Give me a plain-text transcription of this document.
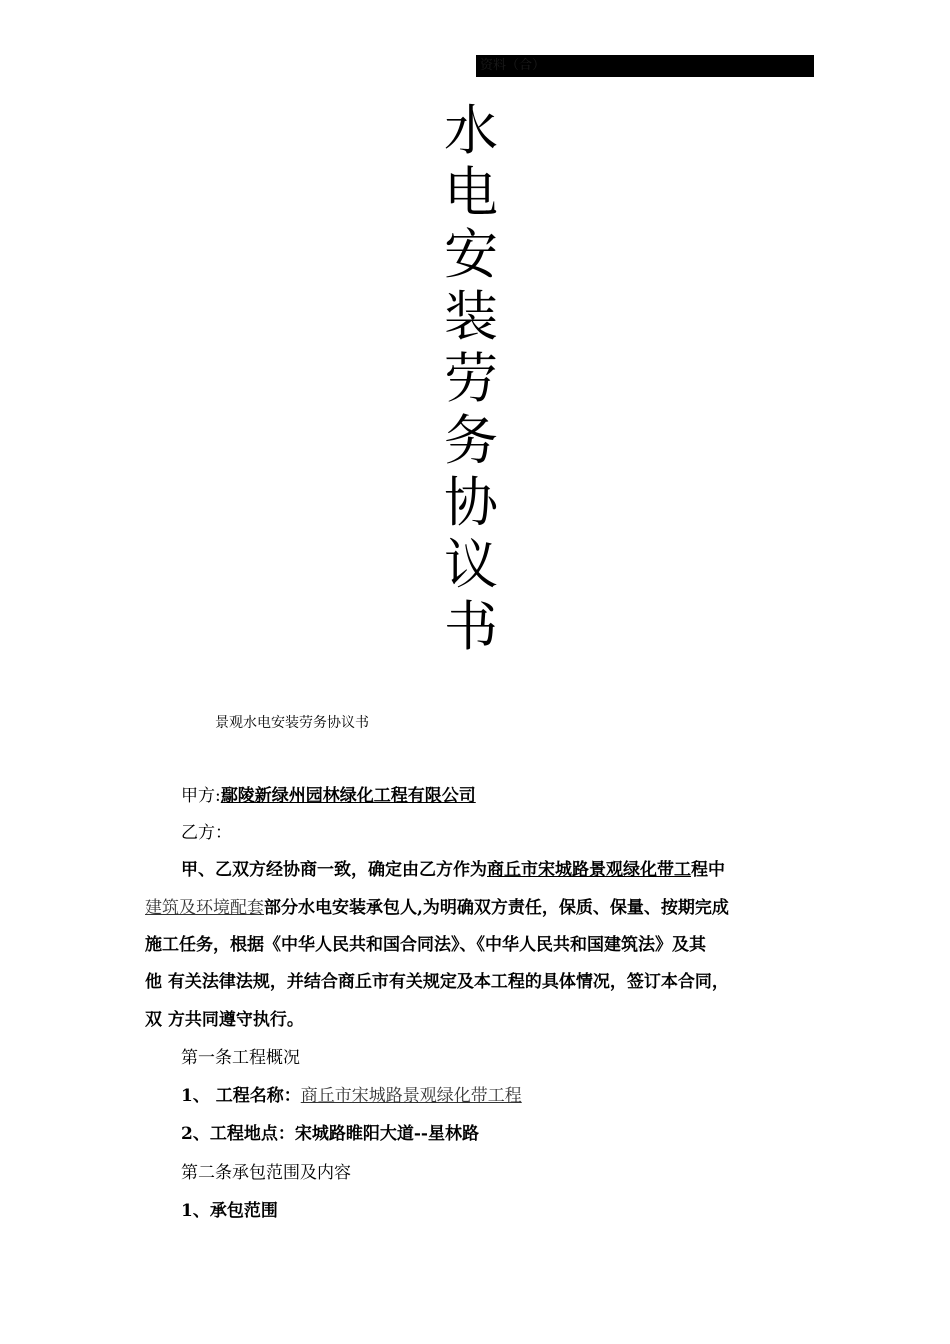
资料（合）
水
电
安
装
劳
务
协
议
书
景观水电安装劳务协议书
甲方:鄢陵新绿州园林绿化工程有限公司
乙方：
甲、乙双方经协商一致，确定由乙方作为商丘市宋城路景观绿化带工程中
建筑及环境配套部分水电安装承包人,为明确双方责任，保质、保量、按期完成
施工任务，根据《中华人民共和国合同法》、《中华人民共和国建筑法》及其
他 有关法律法规，并结合商丘市有关规定及本工程的具体情况，签订本合同，
双 方共同遵守执行。
第一条工程概况
1、 工程名称：商丘市宋城路景观绿化带工程
2、工程地点：宋城路睢阳大道--星林路
第二条承包范围及内容
1、承包范围
